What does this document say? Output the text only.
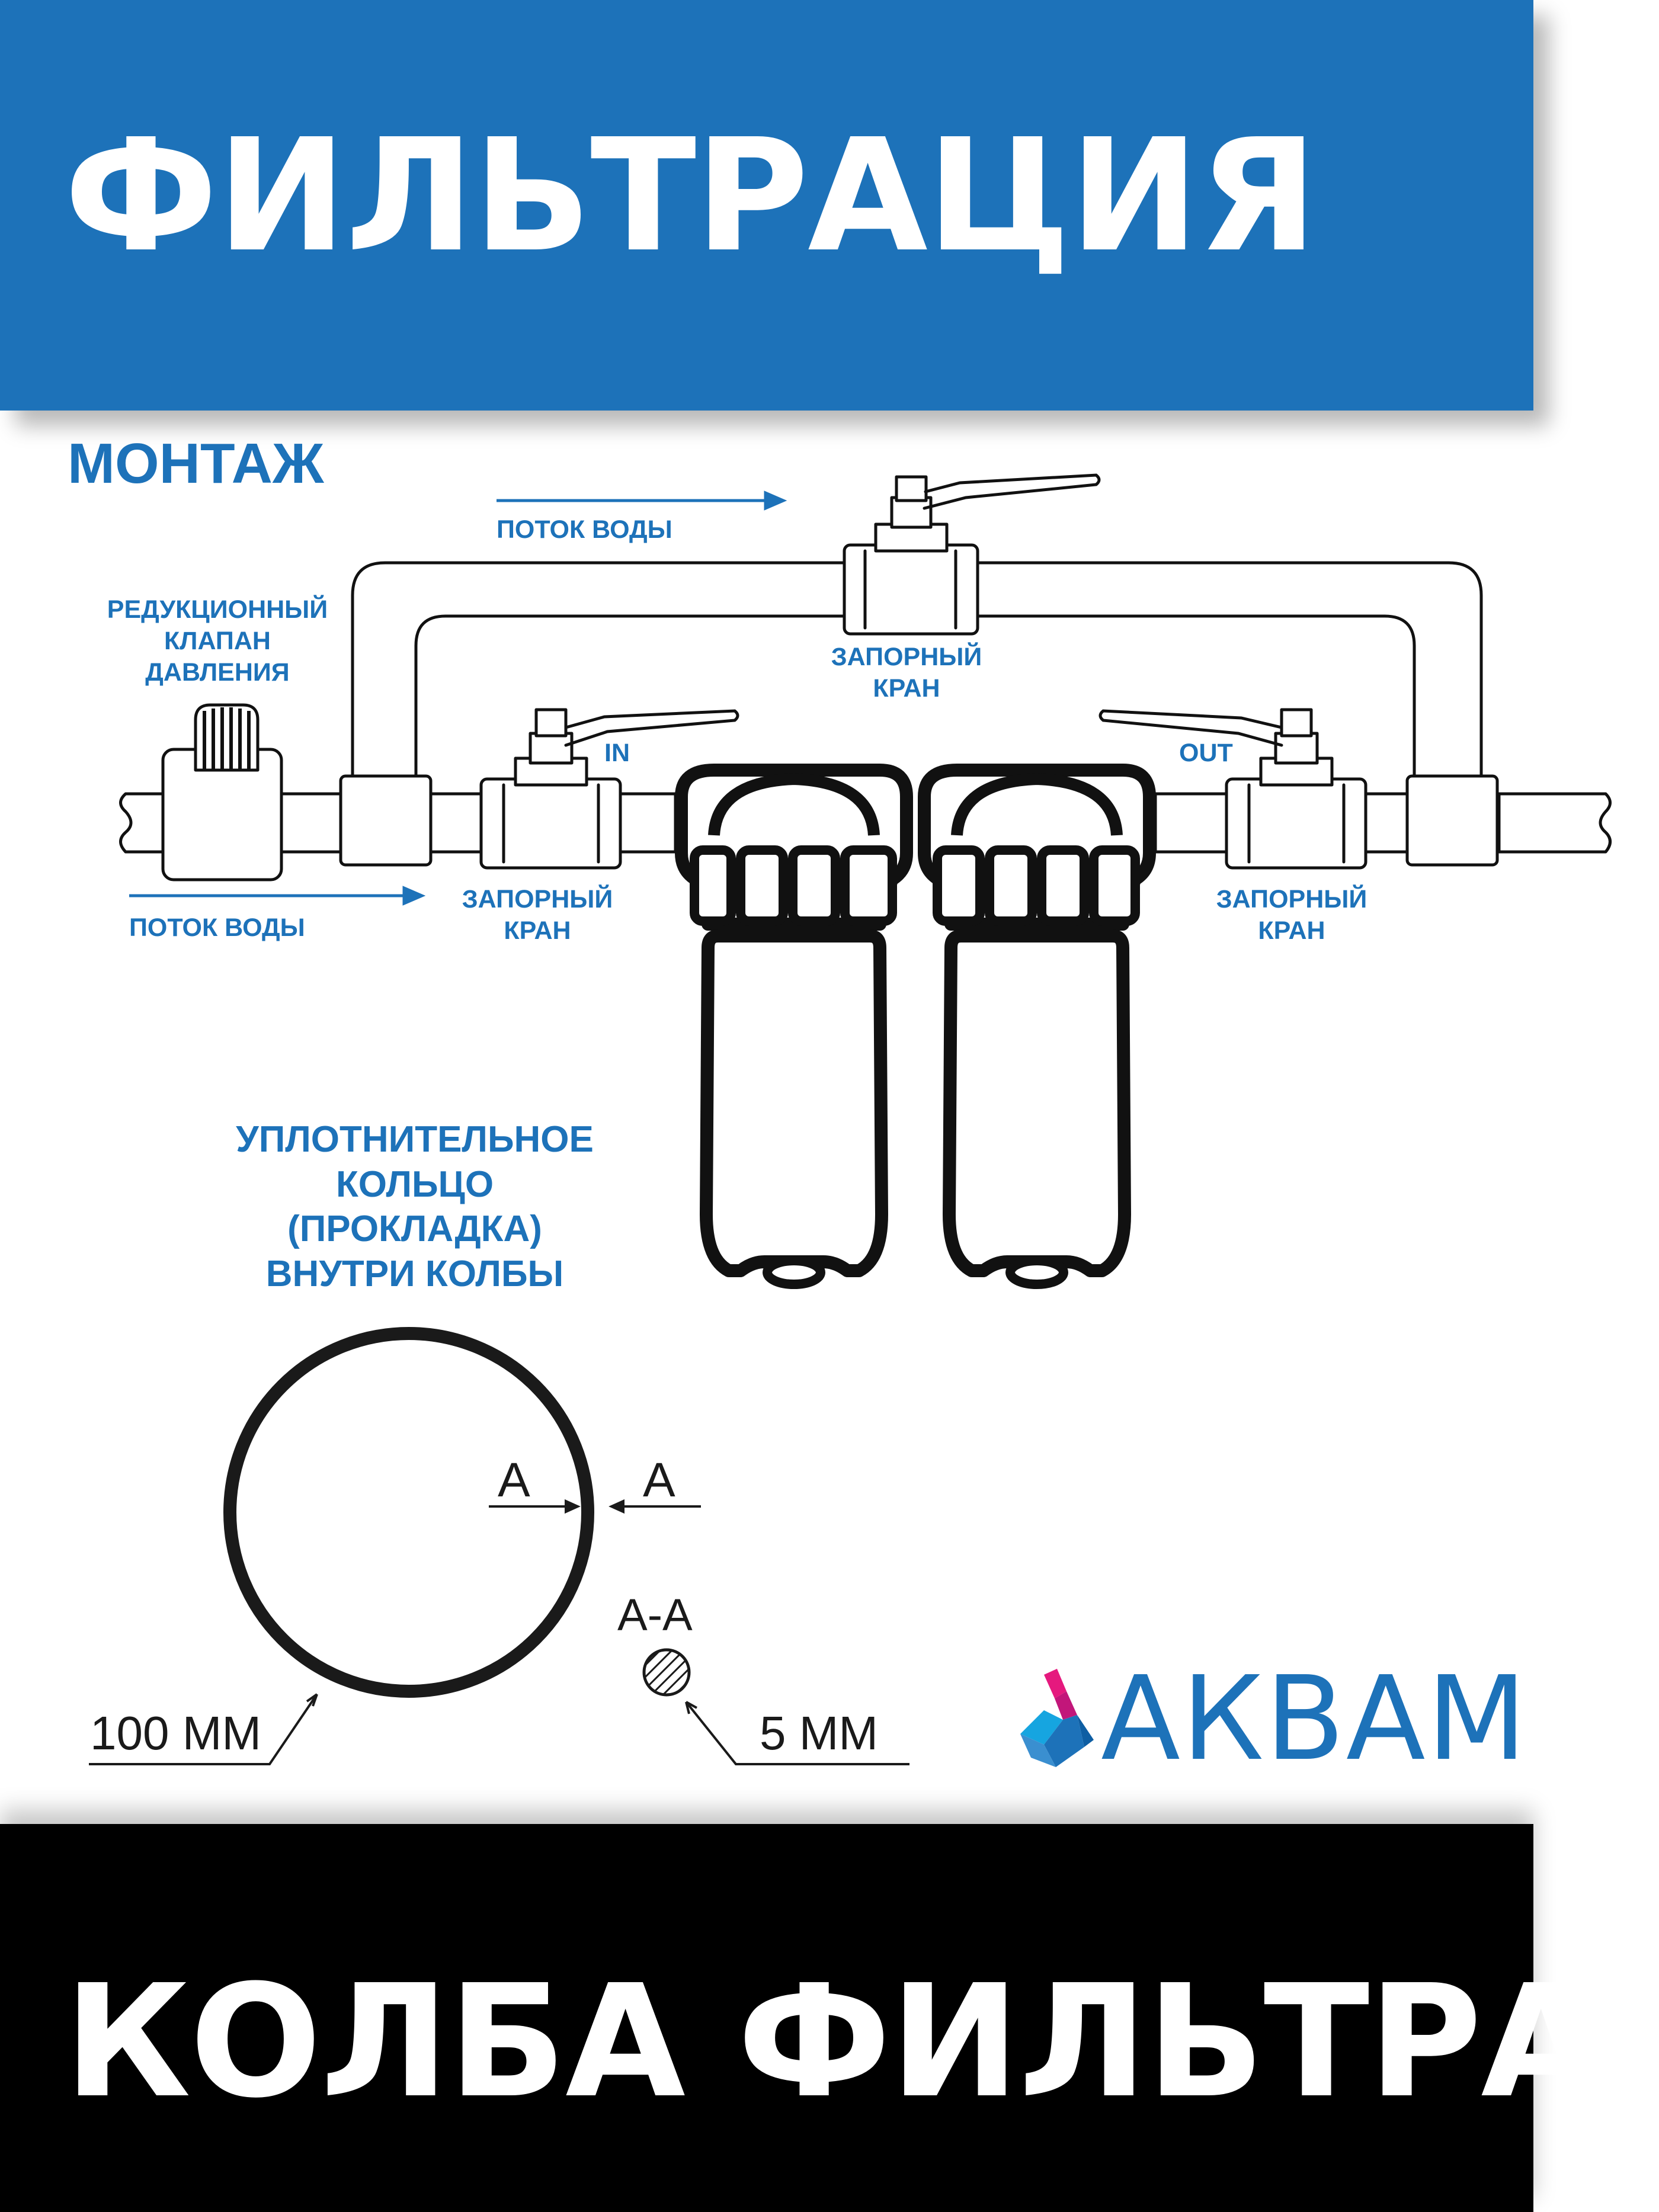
ФИЛЬТРАЦИЯ
МОНТАЖ
ПОТОК ВОДЫ
ПОТОК ВОДЫ
РЕДУКЦИОННЫЙ
КЛАПАН
ДАВЛЕНИЯ
ЗАПОРНЫЙ
КРАН
ЗАПОРНЫЙ
КРАН
ЗАПОРНЫЙ
КРАН
IN	OUT
УПЛОТНИТЕЛЬНОЕ
КОЛЬЦО
(ПРОКЛАДКА)
ВНУТРИ КОЛБЫ
А А
А-А
100 ММ	5 ММ АКВАМ
КОЛБА ФИЛЬТРА
